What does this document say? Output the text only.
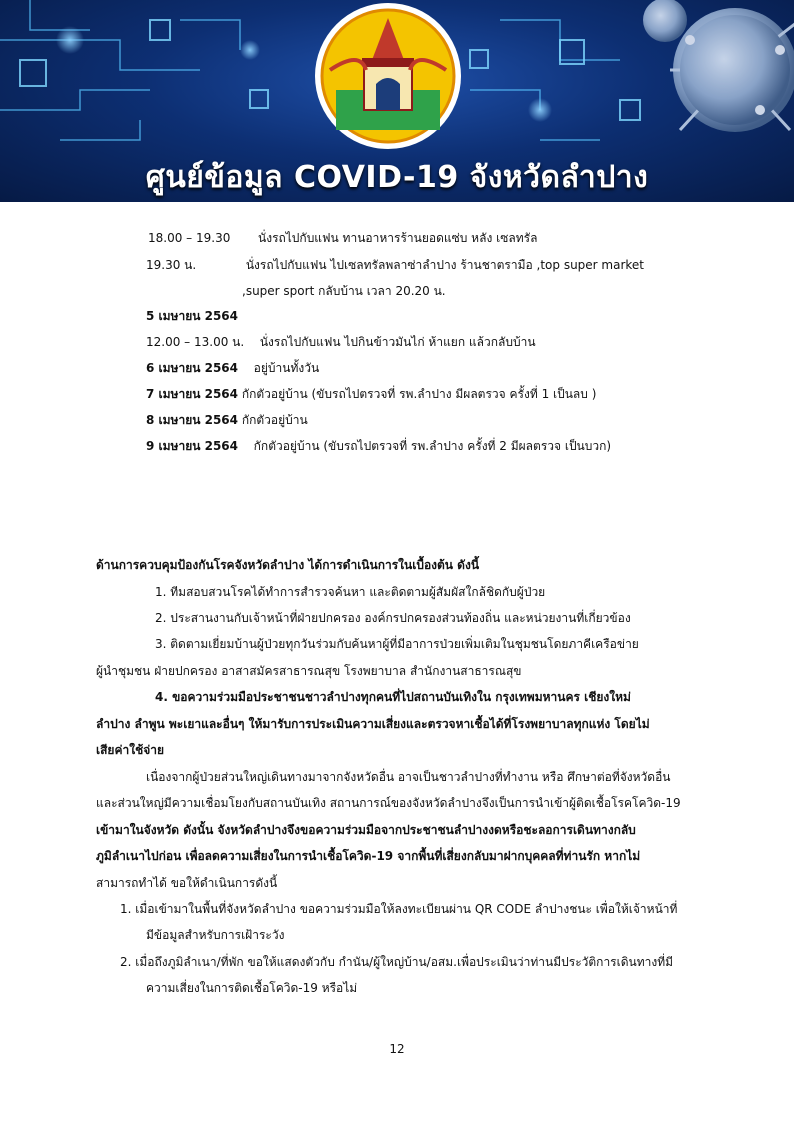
ศูนย์ข้อมูล COVID-19 จังหวัดลำปาง
18.00 – 19.30 นั่งรถไปกับแฟน ทานอาหารร้านยอดแซ่บ หลัง เซลทรัล
19.30 น.	นั่งรถไปกับแฟน ไปเซลทรัลพลาซ่าลำปาง ร้านชาตรามือ ,top super market
,super sport กลับบ้าน เวลา 20.20 น.
5 เมษายน 2564
12.00 – 13.00 น. นั่งรถไปกับแฟน ไปกินข้าวมันไก่ ห้าแยก แล้วกลับบ้าน
6 เมษายน 2564 อยู่บ้านทั้งวัน
7 เมษายน 2564 กักตัวอยู่บ้าน (ขับรถไปตรวจที่ รพ.ลำปาง มีผลตรวจ ครั้งที่ 1 เป็นลบ )
8 เมษายน 2564 กักตัวอยู่บ้าน
9 เมษายน 2564 กักตัวอยู่บ้าน (ขับรถไปตรวจที่ รพ.ลำปาง ครั้งที่ 2 มีผลตรวจ เป็นบวก)
ด้านการควบคุมป้องกันโรคจังหวัดลำปาง ได้การดำเนินการในเบื้องต้น ดังนี้
1. ทีมสอบสวนโรคได้ทำการสำรวจค้นหา และติดตามผู้สัมผัสใกล้ชิดกับผู้ป่วย
2. ประสานงานกับเจ้าหน้าที่ฝ่ายปกครอง องค์กรปกครองส่วนท้องถิ่น และหน่วยงานที่เกี่ยวข้อง
3. ติดตามเยี่ยมบ้านผู้ป่วยทุกวันร่วมกับค้นหาผู้ที่มีอาการป่วยเพิ่มเติมในชุมชนโดยภาคีเครือข่าย
ผู้นำชุมชน ฝ่ายปกครอง อาสาสมัครสาธารณสุข โรงพยาบาล สำนักงานสาธารณสุข
4. ขอความร่วมมือประชาชนชาวลำปางทุกคนที่ไปสถานบันเทิงใน กรุงเทพมหานคร เชียงใหม่
ลำปาง ลำพูน พะเยาและอื่นๆ ให้มารับการประเมินความเสี่ยงและตรวจหาเชื้อได้ที่โรงพยาบาลทุกแห่ง โดยไม่
เสียค่าใช้จ่าย
เนื่องจากผู้ป่วยส่วนใหญ่เดินทางมาจากจังหวัดอื่น อาจเป็นชาวลำปางที่ทำงาน หรือ ศึกษาต่อที่จังหวัดอื่น
และส่วนใหญ่มีความเชื่อมโยงกับสถานบันเทิง สถานการณ์ของจังหวัดลำปางจึงเป็นการนำเข้าผู้ติดเชื้อโรคโควิด-19
เข้ามาในจังหวัด ดังนั้น จังหวัดลำปางจึงขอความร่วมมือจากประชาชนลำปางงดหรือชะลอการเดินทางกลับ
ภูมิลำเนาไปก่อน เพื่อลดความเสี่ยงในการนำเชื้อโควิด-19 จากพื้นที่เสี่ยงกลับมาฝากบุคคลที่ท่านรัก หากไม่
สามารถทำได้ ขอให้ดำเนินการดังนี้
1. เมื่อเข้ามาในพื้นที่จังหวัดลำปาง ขอความร่วมมือให้ลงทะเบียนผ่าน QR CODE ลำปางชนะ เพื่อให้เจ้าหน้าที่
มีข้อมูลสำหรับการเฝ้าระวัง
2. เมื่อถึงภูมิลำเนา/ที่พัก ขอให้แสดงตัวกับ กำนัน/ผู้ใหญ่บ้าน/อสม.เพื่อประเมินว่าท่านมีประวัติการเดินทางที่มี
ความเสี่ยงในการติดเชื้อโควิด-19 หรือไม่
12
